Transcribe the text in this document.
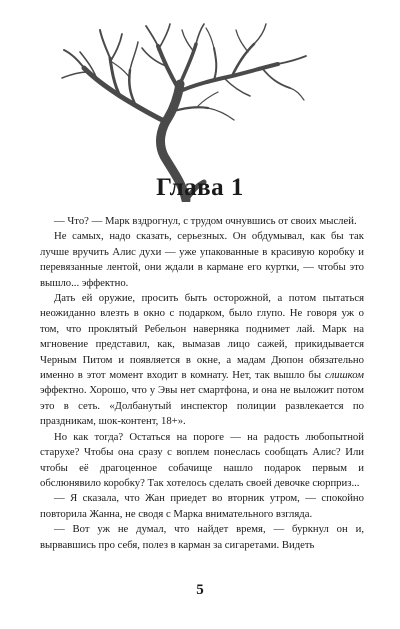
Глава 1

— Что? — Марк вздрогнул, с трудом очнувшись от своих мыслей.

Не самых, надо сказать, серьезных. Он обдумывал, как бы так лучше вручить Алис духи — уже упакованные в красивую коробку и перевязанные лентой, они ждали в кармане его куртки, — чтобы это вышло... эффектно.

Дать ей оружие, просить быть осторожной, а потом пытаться неожиданно влезть в окно с подарком, было глупо. Не говоря уж о том, что проклятый Ребельон наверняка поднимет лай. Марк на мгновение представил, как, вымазав лицо сажей, прикидывается Черным Питом и появляется в окне, а мадам Дюпон обязательно именно в этот момент входит в комнату. Нет, так вышло бы слишком эффектно. Хорошо, что у Эвы нет смартфона, и она не выложит потом это в сеть. «Долбанутый инспектор полиции развлекается по праздникам, шок-контент, 18+».

Но как тогда? Остаться на пороге — на радость любопытной старухе? Чтобы она сразу с воплем понеслась сообщать Алис? Или чтобы её драгоценное собачище нашло подарок первым и обслюнявило коробку? Так хотелось сделать своей девочке сюрприз...

— Я сказала, что Жан приедет во вторник утром, — спокойно повторила Жанна, не сводя с Марка внимательного взгляда.

— Вот уж не думал, что найдет время, — буркнул он и, вырвавшись про себя, полез в карман за сигаретами. Видеть

5
